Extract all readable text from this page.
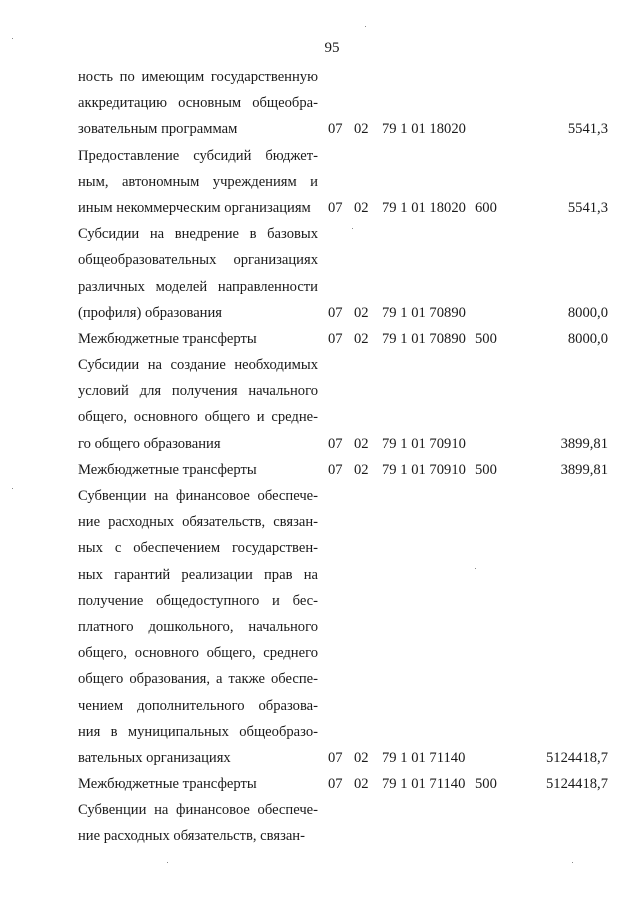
95
ность по имеющим государственную
аккредитацию основным общеобра-
зовательным программам	07 02 79 1 01 18020	5541,3
Предоставление субсидий бюджет-
ным, автономным учреждениям и
иным некоммерческим организациям	07 02 79 1 01 18020 600	5541,3
Субсидии на внедрение в базовых
общеобразовательных организациях
различных моделей направленности
(профиля) образования	07 02 79 1 01 70890	8000,0
Межбюджетные трансферты	07 02 79 1 01 70890 500	8000,0
Субсидии на создание необходимых
условий для получения начального
общего, основного общего и средне-
го общего образования	07 02 79 1 01 70910	3899,81
Межбюджетные трансферты	07 02 79 1 01 70910 500	3899,81
Субвенции на финансовое обеспече-
ние расходных обязательств, связан-
ных с обеспечением государствен-
ных гарантий реализации прав на
получение общедоступного и бес-
платного дошкольного, начального
общего, основного общего, среднего
общего образования, а также обеспе-
чением дополнительного образова-
ния в муниципальных общеобразо-
вательных организациях	07 02 79 1 01 71140	5124418,7
Межбюджетные трансферты	07 02 79 1 01 71140 500	5124418,7
Субвенции на финансовое обеспече-
ние расходных обязательств, связан-
